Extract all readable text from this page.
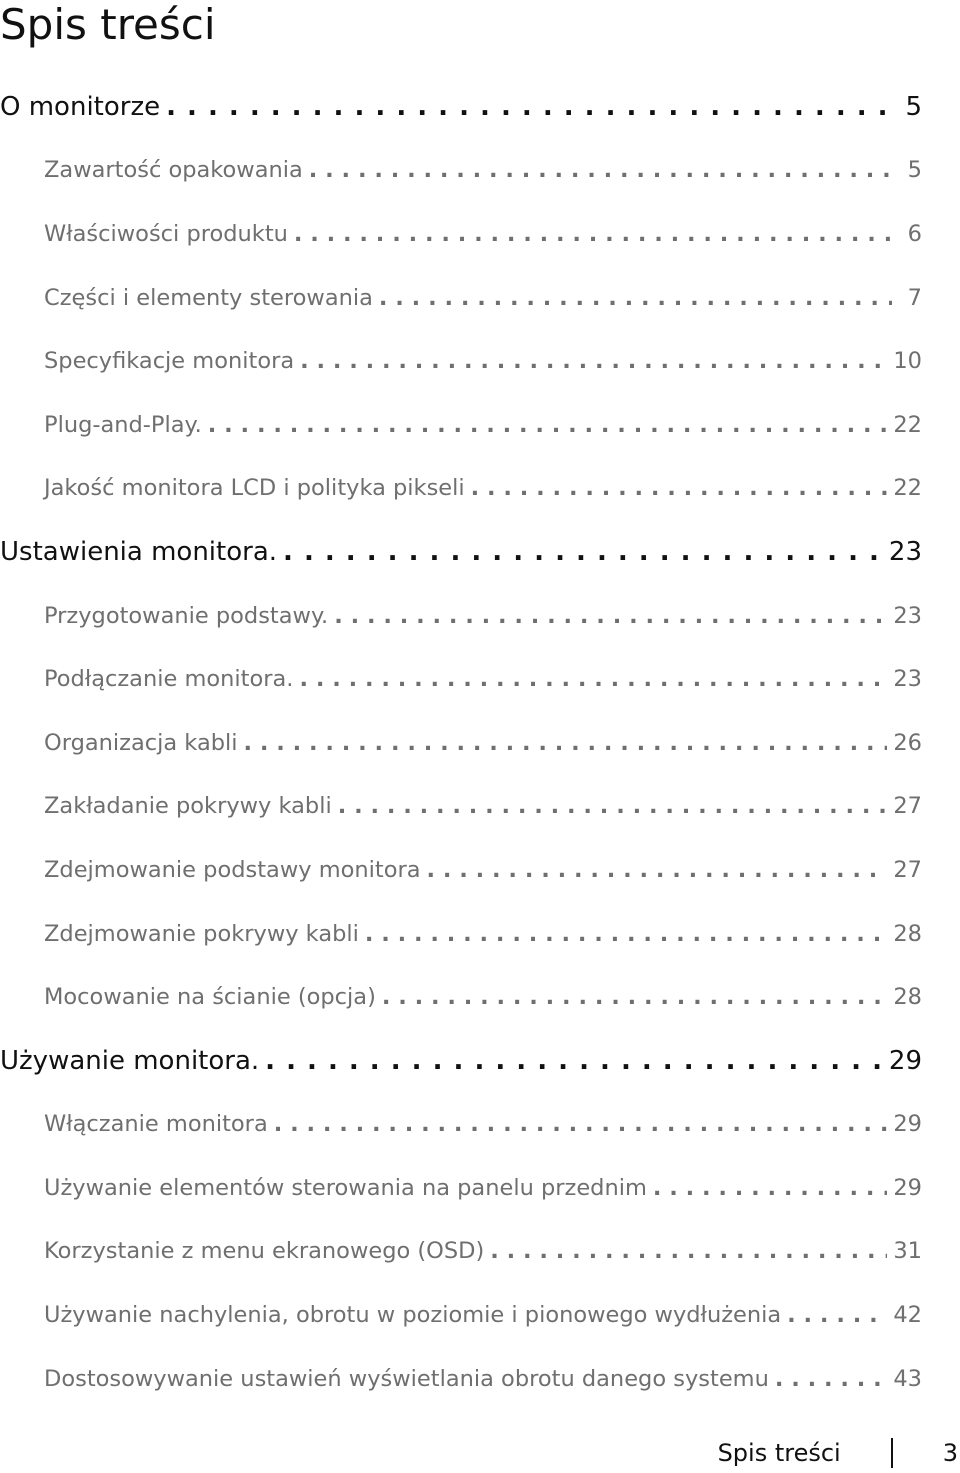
Spis treści
O monitorze . . .	5
Zawartość opakowania . . .	5
Właściwości produktu . . .	6
Części i elementy sterowania . . .	7
Specyfikacje monitora . . .	10
Plug-and-Play. . . .	22
Jakość monitora LCD i polityka pikseli . . .	22
Ustawienia monitora. . . .	23
Przygotowanie podstawy. . . .	23
Podłączanie monitora. . . .	23
Organizacja kabli . . .	26
Zakładanie pokrywy kabli . . .	27
Zdejmowanie podstawy monitora . . .	27
Zdejmowanie pokrywy kabli . . .	28
Mocowanie na ścianie (opcja) . . .	28
Używanie monitora. . . .	29
Włączanie monitora . . .	29
Używanie elementów sterowania na panelu przednim . . .	29
Korzystanie z menu ekranowego (OSD) . . .	31
Używanie nachylenia, obrotu w poziomie i pionowego wydłużenia . . .	42
Dostosowywanie ustawień wyświetlania obrotu danego systemu . . .	43
Spis treści	3
